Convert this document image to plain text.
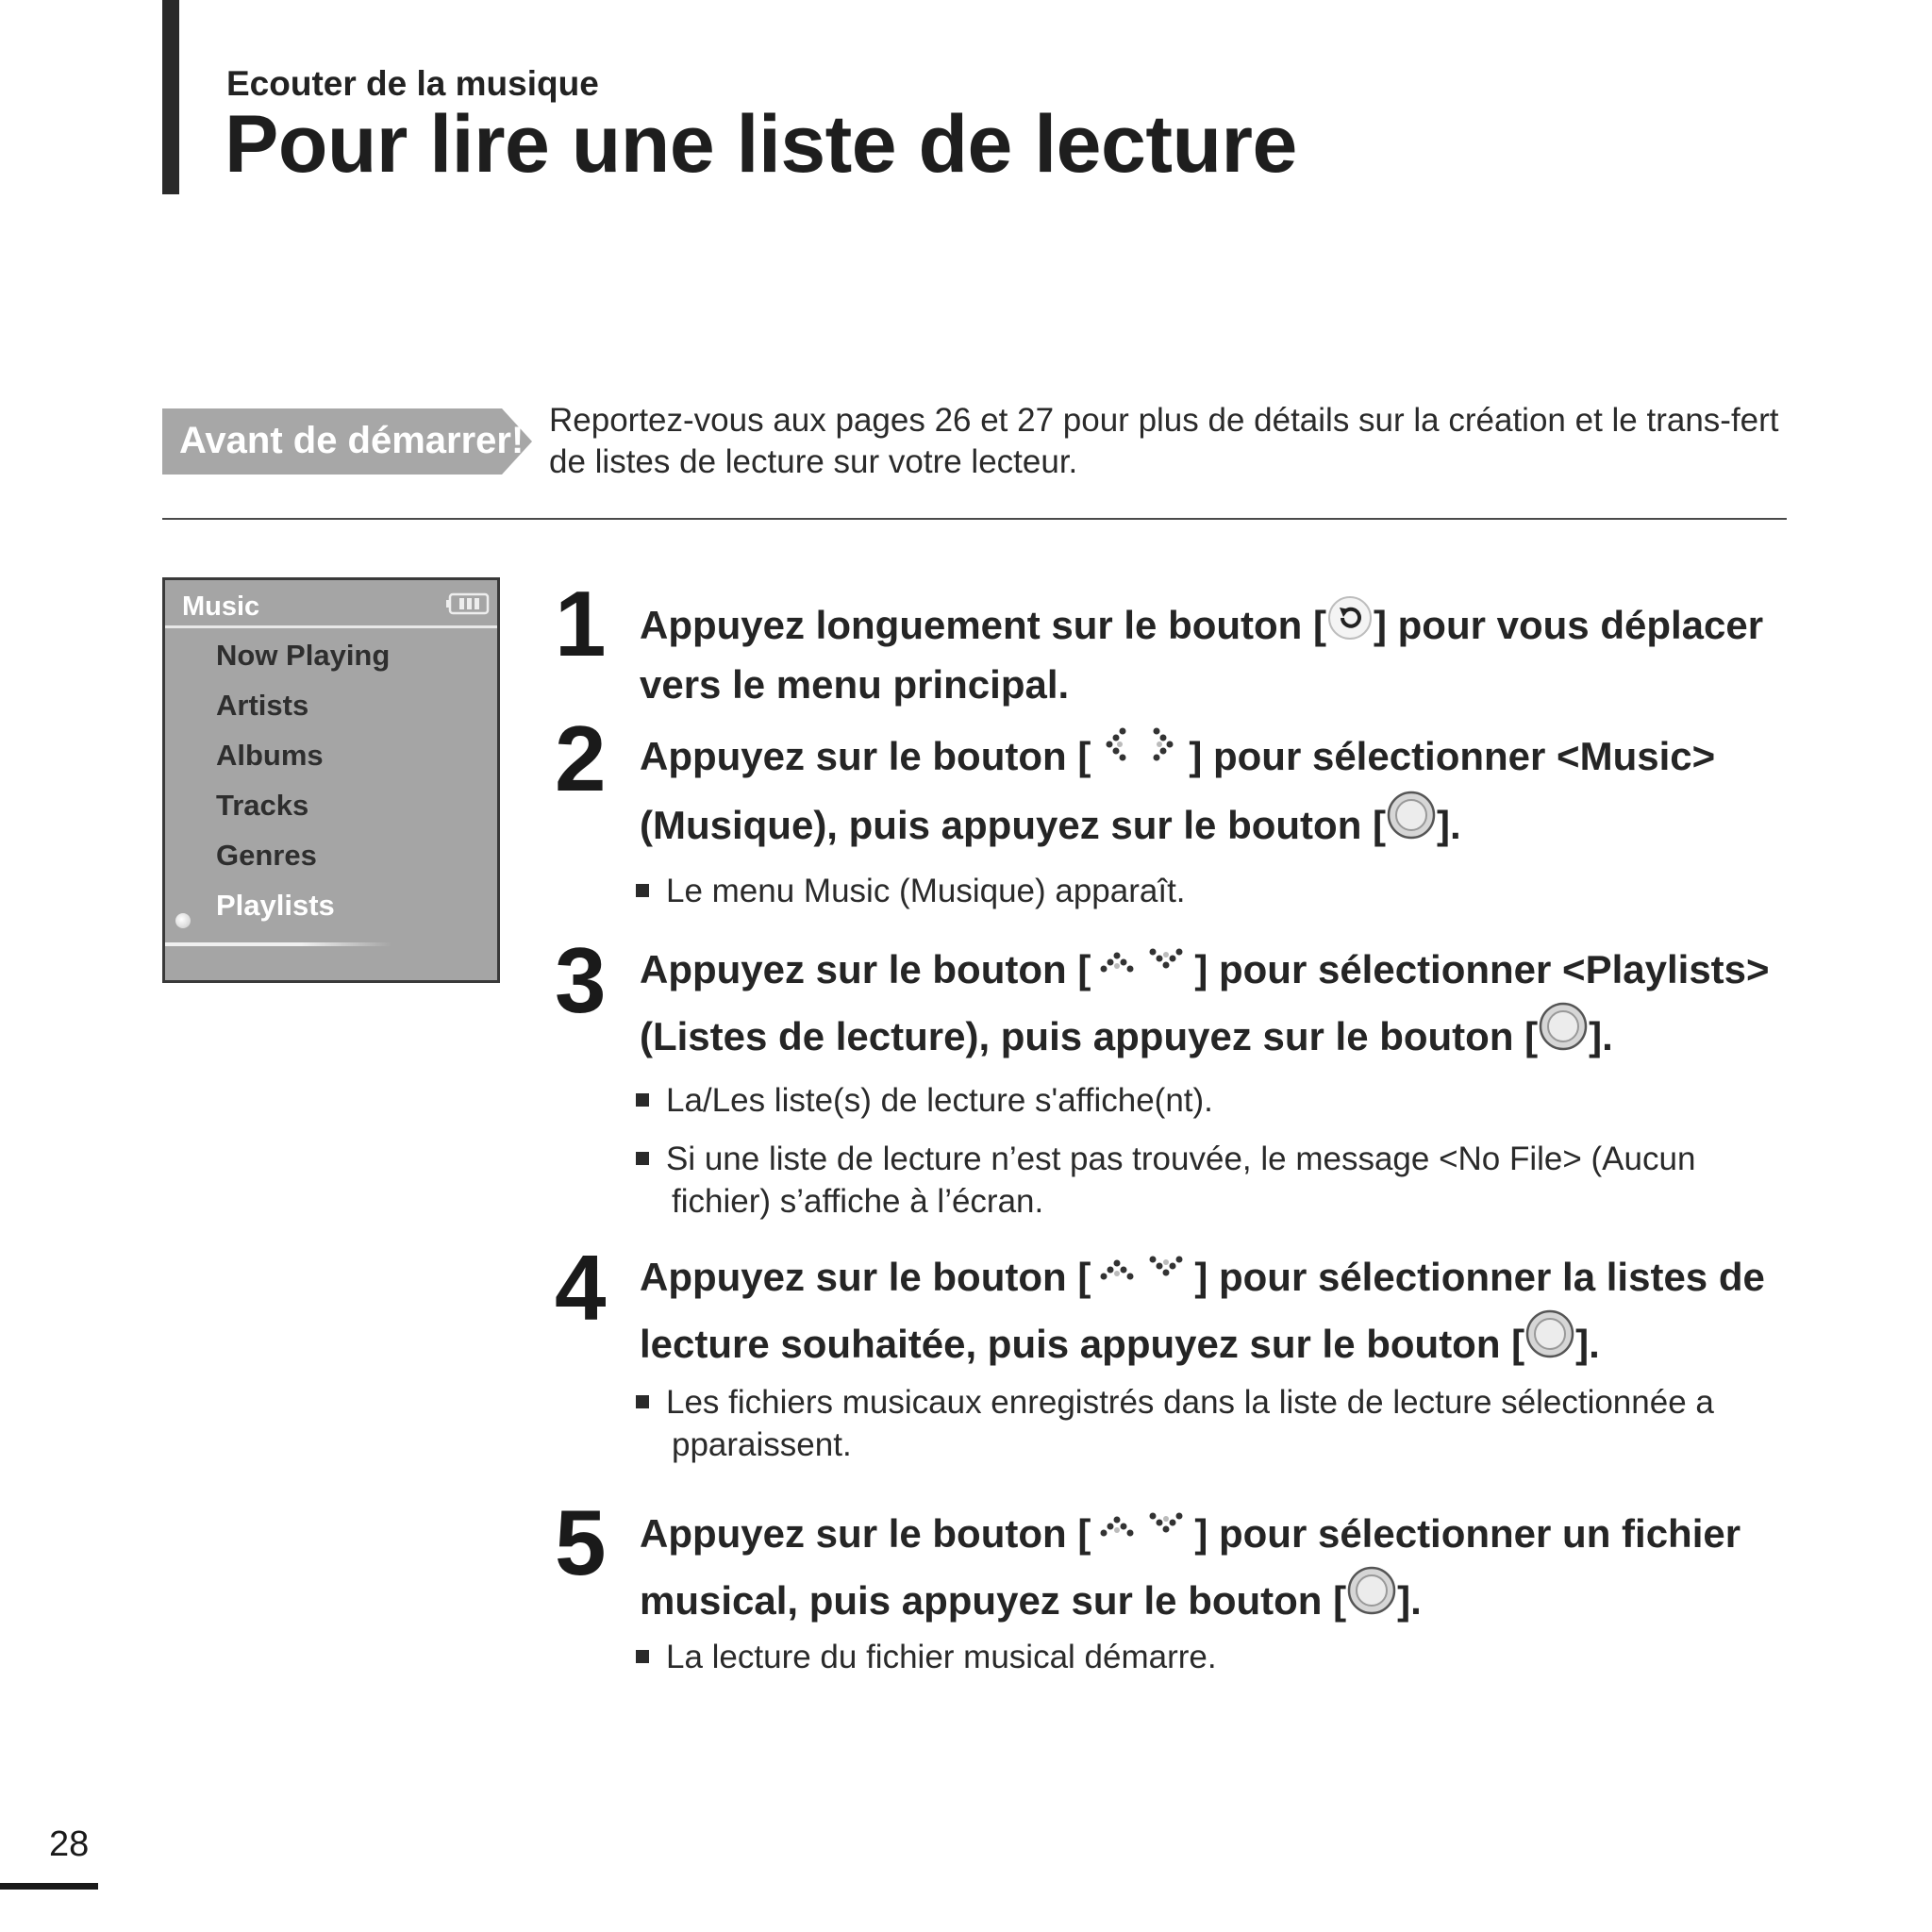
Ecouter de la musique
Pour lire une liste de lecture
Avant de démarrer! Reportez-vous aux pages 26 et 27 pour plus de détails sur la création et le trans-fert de listes de lecture sur votre lecteur.
Music
Now Playing
Artists
Albums
Tracks
Genres
Playlists
1 Appuyez longuement sur le bouton [ ] pour vous déplacer vers le menu principal.
2 Appuyez sur le bouton [ ] pour sélectionner <Music> (Musique), puis appuyez sur le bouton [ ].
Le menu Music (Musique) apparaît.
3 Appuyez sur le bouton [	] pour sélectionner <Playlists> (Listes de lecture), puis appuyez sur le bouton [ ].
La/Les liste(s) de lecture s'affiche(nt).
Si une liste de lecture n’est pas trouvée, le message <No File> (Aucun fichier) s’affiche à l’écran.
4 Appuyez sur le bouton [	] pour sélectionner la listes de lecture souhaitée, puis appuyez sur le bouton [ ].
Les fichiers musicaux enregistrés dans la liste de lecture sélectionnée a pparaissent.
5 Appuyez sur le bouton [	] pour sélectionner un fichier musical, puis appuyez sur le bouton [ ].
La lecture du fichier musical démarre.
28
